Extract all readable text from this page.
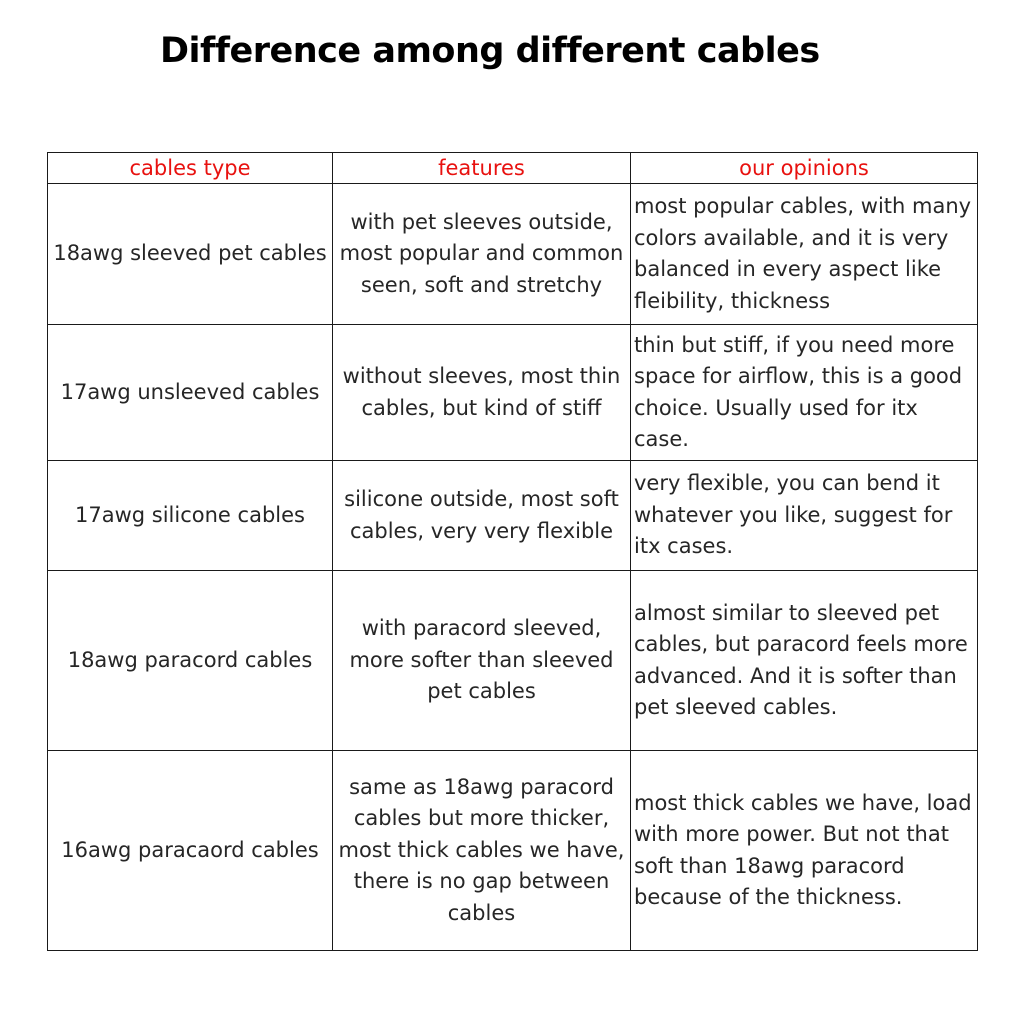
Difference among different cables
cables type	features	our opinions
18awg sleeved pet cables	with pet sleeves outside, most popular and common seen, soft and stretchy	most popular cables, with many colors available, and it is very balanced in every aspect like fleibility, thickness
17awg unsleeved cables	without sleeves, most thin cables, but kind of stiff	thin but stiff, if you need more space for airflow, this is a good choice. Usually used for itx case.
17awg silicone cables	silicone outside, most soft cables, very very flexible	very flexible, you can bend it whatever you like, suggest for itx cases.
18awg paracord cables	with paracord sleeved, more softer than sleeved pet cables	almost similar to sleeved pet cables, but paracord feels more advanced. And it is softer than pet sleeved cables.
16awg paracaord cables	same as 18awg paracord cables but more thicker, most thick cables we have, there is no gap between cables	most thick cables we have, load with more power. But not that soft than 18awg paracord because of the thickness.
